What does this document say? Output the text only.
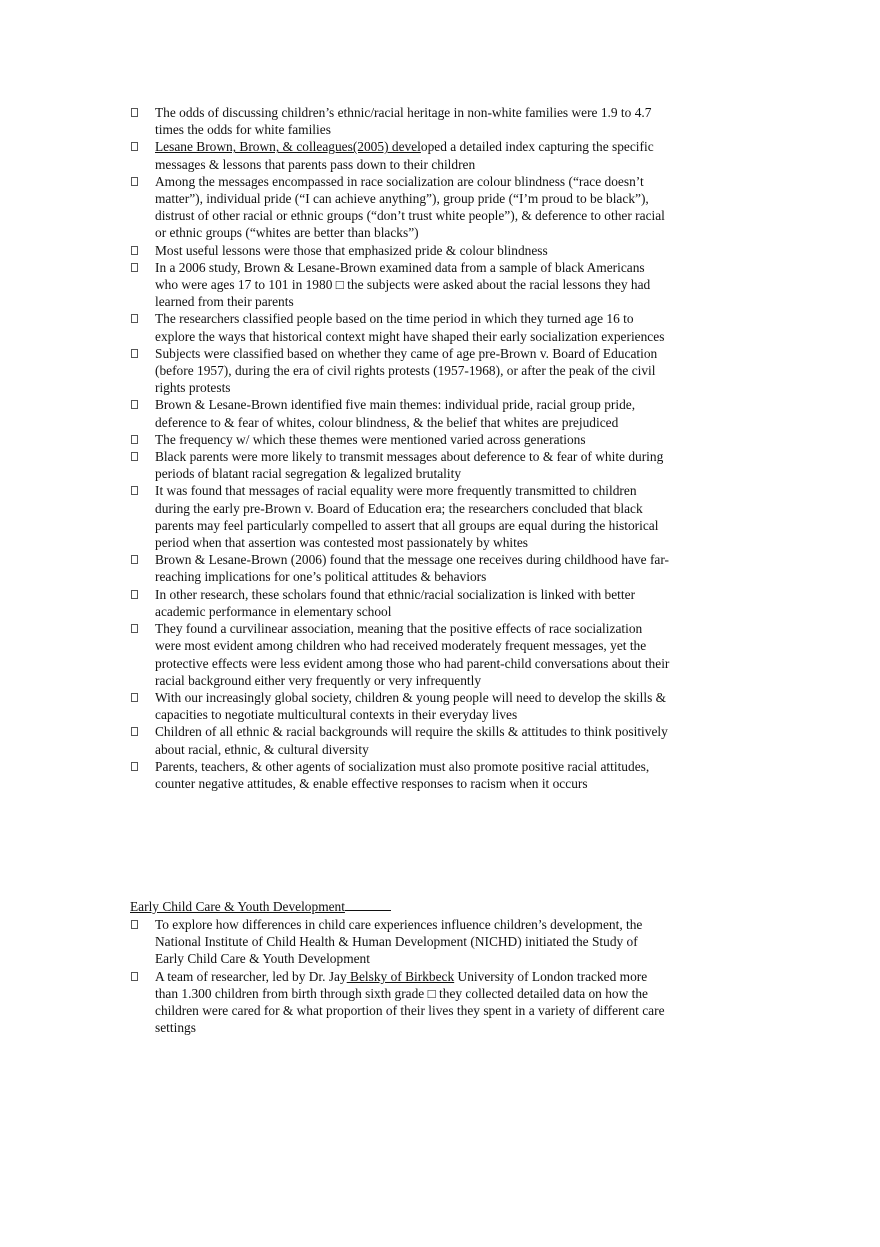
The odds of discussing children’s ethnic/racial heritage in non-white families were 1.9 to 4.7 times the odds for white families
Lesane Brown, Brown, & colleagues(2005) developed a detailed index capturing the specific messages & lessons that parents pass down to their children
Among the messages encompassed in race socialization are colour blindness (“race doesn’t matter”), individual pride (“I can achieve anything”), group pride (“I’m proud to be black”), distrust of other racial or ethnic groups (“don’t trust white people”), & deference to other racial or ethnic groups (“whites are better than blacks”)
Most useful lessons were those that emphasized pride & colour blindness
In a 2006 study, Brown & Lesane-Brown examined data from a sample of black Americans who were ages 17 to 101 in 1980 □ the subjects were asked about the racial lessons they had learned from their parents
The researchers classified people based on the time period in which they turned age 16 to explore the ways that historical context might have shaped their early socialization experiences
Subjects were classified based on whether they came of age pre-Brown v. Board of Education (before 1957), during the era of civil rights protests (1957-1968), or after the peak of the civil rights protests
Brown & Lesane-Brown identified five main themes: individual pride, racial group pride, deference to & fear of whites, colour blindness, & the belief that whites are prejudiced
The frequency w/ which these themes were mentioned varied across generations
Black parents were more likely to transmit messages about deference to & fear of white during periods of blatant racial segregation & legalized brutality
It was found that messages of racial equality were more frequently transmitted to children during the early pre-Brown v. Board of Education era; the researchers concluded that black parents may feel particularly compelled to assert that all groups are equal during the historical period when that assertion was contested most passionately by whites
Brown & Lesane-Brown (2006) found that the message one receives during childhood have far-reaching implications for one’s political attitudes & behaviors
In other research, these scholars found that ethnic/racial socialization is linked with better academic performance in elementary school
They found a curvilinear association, meaning that the positive effects of race socialization were most evident among children who had received moderately frequent messages, yet the protective effects were less evident among those who had parent-child conversations about their racial background either very frequently or very infrequently
With our increasingly global society, children & young people will need to develop the skills & capacities to negotiate multicultural contexts in their everyday lives
Children of all ethnic & racial backgrounds will require the skills & attitudes to think positively about racial, ethnic, & cultural diversity
Parents, teachers, & other agents of socialization must also promote positive racial attitudes, counter negative attitudes, & enable effective responses to racism when it occurs
Early Child Care & Youth Development
To explore how differences in child care experiences influence children’s development, the National Institute of Child Health & Human Development (NICHD) initiated the Study of Early Child Care & Youth Development
A team of researcher, led by Dr. Jay Belsky of Birkbeck University of London tracked more than 1.300 children from birth through sixth grade □ they collected detailed data on how the children were cared for & what proportion of their lives they spent in a variety of different care settings
